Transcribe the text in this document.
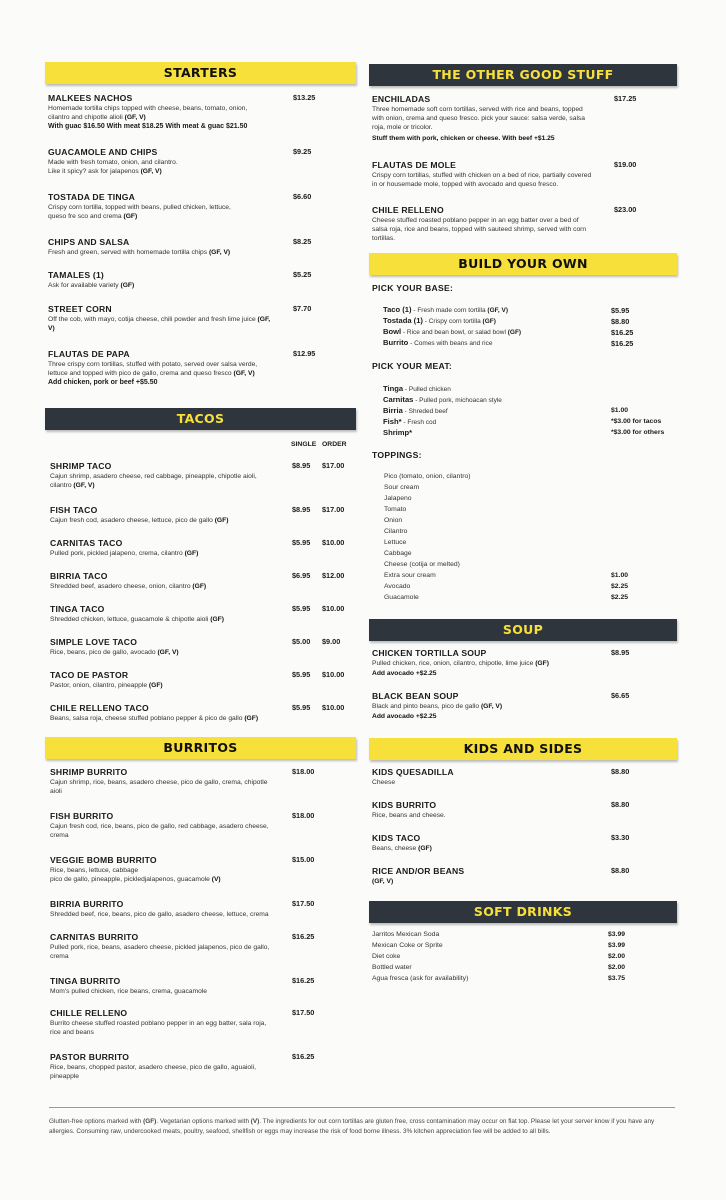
STARTERS
MALKEES NACHOS	$13.25
Homemade tortilla chips topped with cheese, beans, tomato, onion, cilantro and chipotle alioli (GF, V)
With guac $16.50 With meat $18.25 With meat & guac $21.50
GUACAMOLE AND CHIPS	$9.25
Made with fresh tomato, onion, and cilantro.
Like it spicy? ask for jalapenos (GF, V)
TOSTADA DE TINGA	$6.60
Crispy corn tortilla, topped with beans, pulled chicken, lettuce, queso fre sco and crema (GF)
CHIPS AND SALSA	$8.25
Fresh and green, served with homemade tortilla chips (GF, V)
TAMALES (1)	$5.25
Ask for available variety (GF)
STREET CORN	$7.70
Off the cob, with mayo, cotija cheese, chili powder and fresh lime juice (GF, V)
FLAUTAS DE PAPA	$12.95
Three crispy corn tortillas, stuffed with potato, served over salsa verde, lettuce and topped with pico de gallo, crema and queso fresco (GF, V)
Add chicken, pork or beef +$5.50
TACOS
SINGLE ORDER
SHRIMP TACO	$8.95 $17.00
Cajun shrimp, asadero cheese, red cabbage, pineapple, chipotle aioli, cilantro (GF, V)
FISH TACO	$8.95 $17.00
Cajun fresh cod, asadero cheese, lettuce, pico de gallo (GF)
CARNITAS TACO	$5.95 $10.00
Pulled pork, pickled jalapeno, crema, cilantro (GF)
BIRRIA TACO	$6.95 $12.00
Shredded beef, asadero cheese, onion, cilantro (GF)
TINGA TACO	$5.95 $10.00
Shredded chicken, lettuce, guacamole & chipotle aioli (GF)
SIMPLE LOVE TACO	$5.00 $9.00
Rice, beans, pico de gallo, avocado (GF, V)
TACO DE PASTOR	$5.95 $10.00
Pastor, onion, cilantro, pineapple (GF)
CHILE RELLENO TACO	$5.95 $10.00
Beans, salsa roja, cheese stuffed poblano pepper & pico de gallo (GF)
BURRITOS
SHRIMP BURRITO	$18.00
Cajun shrimp, rice, beans, asadero cheese, pico de gallo, crema, chipotle aioli
FISH BURRITO	$18.00
Cajun fresh cod, rice, beans, pico de gallo, red cabbage, asadero cheese, crema
VEGGIE BOMB BURRITO	$15.00
Rice, beans, lettuce, cabbage
pico de gallo, pineapple, pickledjalapenos, guacamole (V)
BIRRIA BURRITO	$17.50
Shredded beef, rice, beans, pico de gallo, asadero cheese, lettuce, crema
CARNITAS BURRITO	$16.25
Pulled pork, rice, beans, asadero cheese, pickled jalapenos, pico de gallo, crema
TINGA BURRITO	$16.25
Mom's pulled chicken, rice beans, crema, guacamole
CHILLE RELLENO	$17.50
Burrito cheese stuffed roasted poblano pepper in an egg batter, sala roja, rice and beans
PASTOR BURRITO	$16.25
Rice, beans, chopped pastor, asadero cheese, pico de gallo, aguaioli, pineapple
THE OTHER GOOD STUFF
ENCHILADAS	$17.25
Three homemade soft corn tortillas, served with rice and beans, topped with onion, crema and queso fresco. pick your sauce: salsa verde, salsa roja, mole or tricolor.
Stuff them with pork, chicken or cheese. With beef +$1.25
FLAUTAS DE MOLE	$19.00
Crispy corn tortillas, stuffed with chicken on a bed of rice, partially covered in or housemade mole, topped with avocado and queso fresco.
CHILE RELLENO	$23.00
Cheese stuffed roasted poblano pepper in an egg batter over a bed of salsa roja, rice and beans, topped with sauteed shrimp, served with corn tortillas.
BUILD YOUR OWN
PICK YOUR BASE:
Taco (1) - Fresh made corn tortilla (GF, V)	$5.95
Tostada (1) - Crispy corn tortilla (GF)	$8.80
Bowl - Rice and bean bowl, or salad bowl (GF)	$16.25
Burrito - Comes with beans and rice	$16.25
PICK YOUR MEAT:
Tinga - Pulled chicken
Carnitas - Pulled pork, michoacan style
Birria - Shreded beef	$1.00
Fish* - Fresh cod	*$3.00 for tacos
Shrimp*	*$3.00 for others
TOPPINGS:
Pico (tomato, onion, cilantro)
Sour cream
Jalapeno
Tomato
Onion
Cilantro
Lettuce
Cabbage
Cheese (cotija or melted)
Extra sour cream	$1.00
Avocado	$2.25
Guacamole	$2.25
SOUP
CHICKEN TORTILLA SOUP	$8.95
Pulled chicken, rice, onion, cilantro, chipotle, lime juice (GF)
Add avocado +$2.25
BLACK BEAN SOUP	$6.65
Black and pinto beans, pico de gallo (GF, V)
Add avocado +$2.25
KIDS AND SIDES
KIDS QUESADILLA	$8.80
Cheese
KIDS BURRITO	$8.80
Rice, beans and cheese.
KIDS TACO	$3.30
Beans, cheese (GF)
RICE AND/OR BEANS	$8.80
(GF, V)
SOFT DRINKS
Jarritos Mexican Soda	$3.99
Mexican Coke or Sprite	$3.99
Diet coke	$2.00
Bottled water	$2.00
Agua fresca (ask for availability)	$3.75
Glutten-free options marked with (GF). Vegetarian options marked with (V). The ingredients for out corn tortillas are gluten free, cross contamination may occur on flat top. Please let your server know if you have any allergies. Consuming raw, undercooked meats, poultry, seafood, shellfish or eggs may increase the risk of food borne illness. 3% kitchen appreciation fee will be added to all bills.
